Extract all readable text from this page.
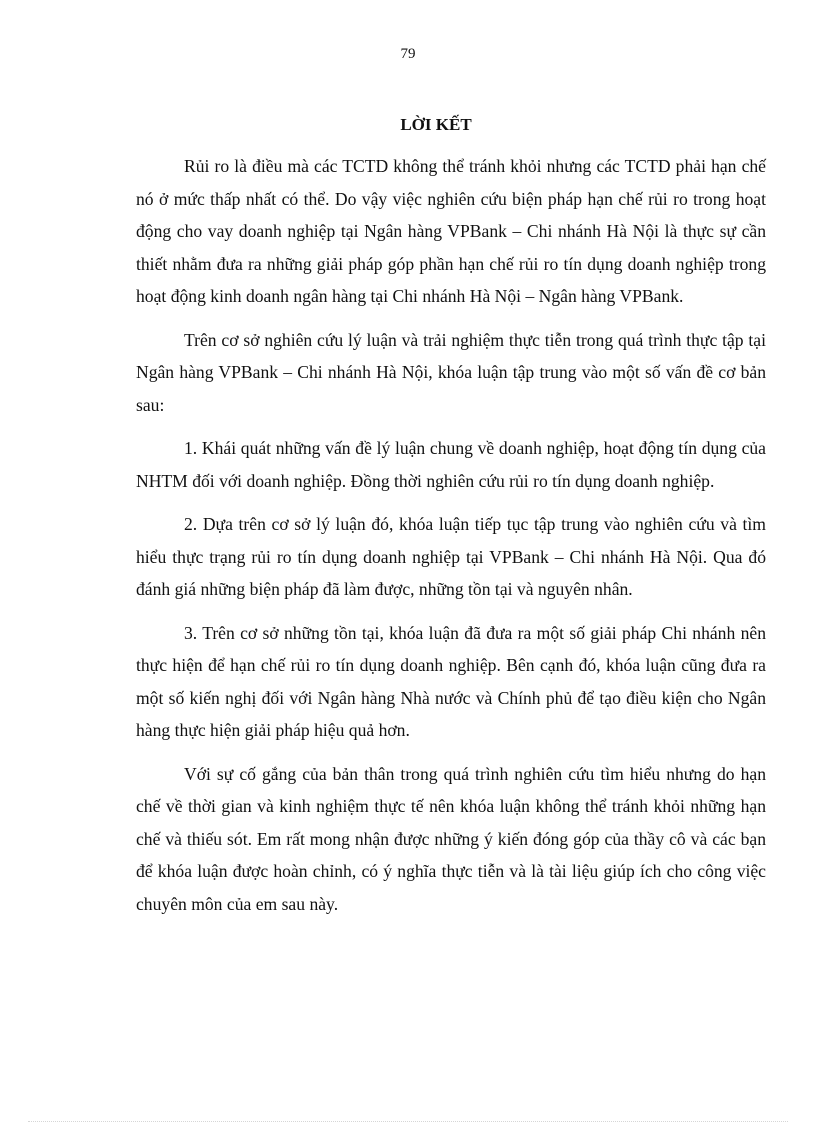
79
LỜI KẾT

Rủi ro là điều mà các TCTD không thể tránh khỏi nhưng các TCTD phải hạn chế nó ở mức thấp nhất có thể. Do vậy việc nghiên cứu biện pháp hạn chế rủi ro trong hoạt động cho vay doanh nghiệp tại Ngân hàng VPBank – Chi nhánh Hà Nội là thực sự cần thiết nhằm đưa ra những giải pháp góp phần hạn chế rủi ro tín dụng doanh nghiệp trong hoạt động kinh doanh ngân hàng tại Chi nhánh Hà Nội – Ngân hàng VPBank.

Trên cơ sở nghiên cứu lý luận và trải nghiệm thực tiễn trong quá trình thực tập tại Ngân hàng VPBank – Chi nhánh Hà Nội, khóa luận tập trung vào một số vấn đề cơ bản sau:

1. Khái quát những vấn đề lý luận chung về doanh nghiệp, hoạt động tín dụng của NHTM đối với doanh nghiệp. Đồng thời nghiên cứu rủi ro tín dụng doanh nghiệp.

2. Dựa trên cơ sở lý luận đó, khóa luận tiếp tục tập trung vào nghiên cứu và tìm hiểu thực trạng rủi ro tín dụng doanh nghiệp tại VPBank – Chi nhánh Hà Nội. Qua đó đánh giá những biện pháp đã làm được, những tồn tại và nguyên nhân.

3. Trên cơ sở những tồn tại, khóa luận đã đưa ra một số giải pháp Chi nhánh nên thực hiện để hạn chế rủi ro tín dụng doanh nghiệp. Bên cạnh đó, khóa luận cũng đưa ra một số kiến nghị đối với Ngân hàng Nhà nước và Chính phủ để tạo điều kiện cho Ngân hàng thực hiện giải pháp hiệu quả hơn.

Với sự cố gắng của bản thân trong quá trình nghiên cứu tìm hiểu nhưng do hạn chế về thời gian và kinh nghiệm thực tế nên khóa luận không thể tránh khỏi những hạn chế và thiếu sót. Em rất mong nhận được những ý kiến đóng góp của thầy cô và các bạn để khóa luận được hoàn chỉnh, có ý nghĩa thực tiễn và là tài liệu giúp ích cho công việc chuyên môn của em sau này.
